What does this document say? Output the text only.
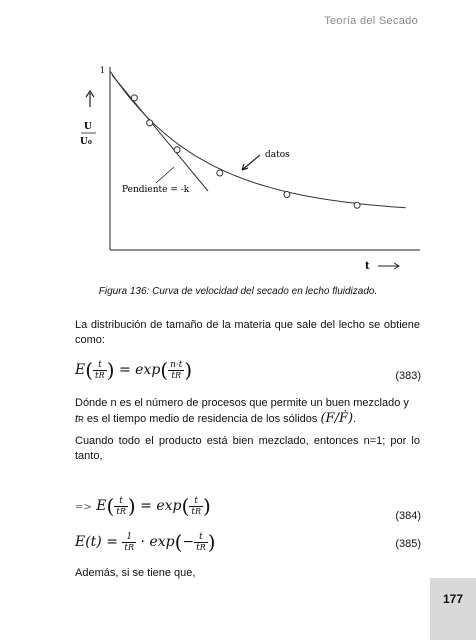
Teoría del Secado
1
U
U₀
t
datos
Pendiente = -k
Figura 136: Curva de velocidad del secado en lecho fluidizado.
La distribución de tamaño de la materia que sale del lecho se obtiene como:
$E( \frac{t}{tR}$ ) = $\exp( \frac{n\cdot t}{tR}$ )	(383)
Dónde n es el número de procesos que permite un buen mezclado y
tR es el tiempo medio de residencia de los sólidos (F/Ḟ).
Cuando todo el producto está bien mezclado, entonces n=1; por lo tanto,
=> $E( \frac{t}{tR}$ ) = $\exp( \frac{t}{tR}$ )	(384)
$E(t) = \frac{1}{tR} \cdot \exp(- \frac{t}{tR}$ )	(385)
Además, si se tiene que,
177
